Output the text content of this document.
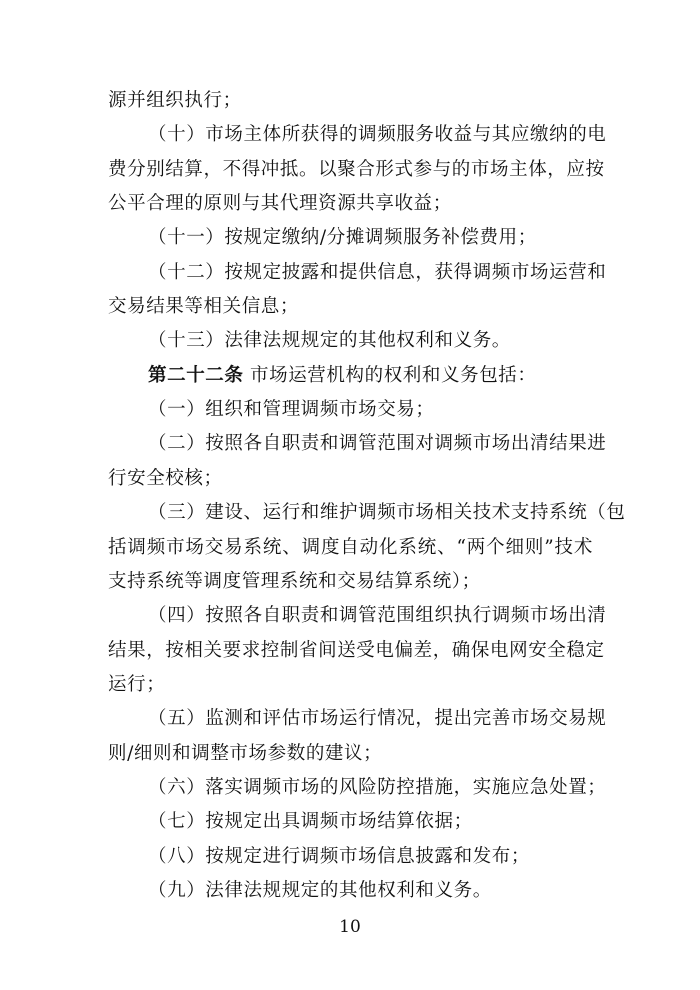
源并组织执行；
（十）市场主体所获得的调频服务收益与其应缴纳的电
费分别结算，不得冲抵。以聚合形式参与的市场主体，应按
公平合理的原则与其代理资源共享收益；
（十一）按规定缴纳/分摊调频服务补偿费用；
（十二）按规定披露和提供信息，获得调频市场运营和
交易结果等相关信息；
（十三）法律法规规定的其他权利和义务。
第二十二条 市场运营机构的权利和义务包括：
（一）组织和管理调频市场交易；
（二）按照各自职责和调管范围对调频市场出清结果进
行安全校核；
（三）建设、运行和维护调频市场相关技术支持系统（包
括调频市场交易系统、调度自动化系统、“两个细则”技术
支持系统等调度管理系统和交易结算系统）；
（四）按照各自职责和调管范围组织执行调频市场出清
结果，按相关要求控制省间送受电偏差，确保电网安全稳定
运行；
（五）监测和评估市场运行情况，提出完善市场交易规
则/细则和调整市场参数的建议；
（六）落实调频市场的风险防控措施，实施应急处置；
（七）按规定出具调频市场结算依据；
（八）按规定进行调频市场信息披露和发布；
（九）法律法规规定的其他权利和义务。
10
